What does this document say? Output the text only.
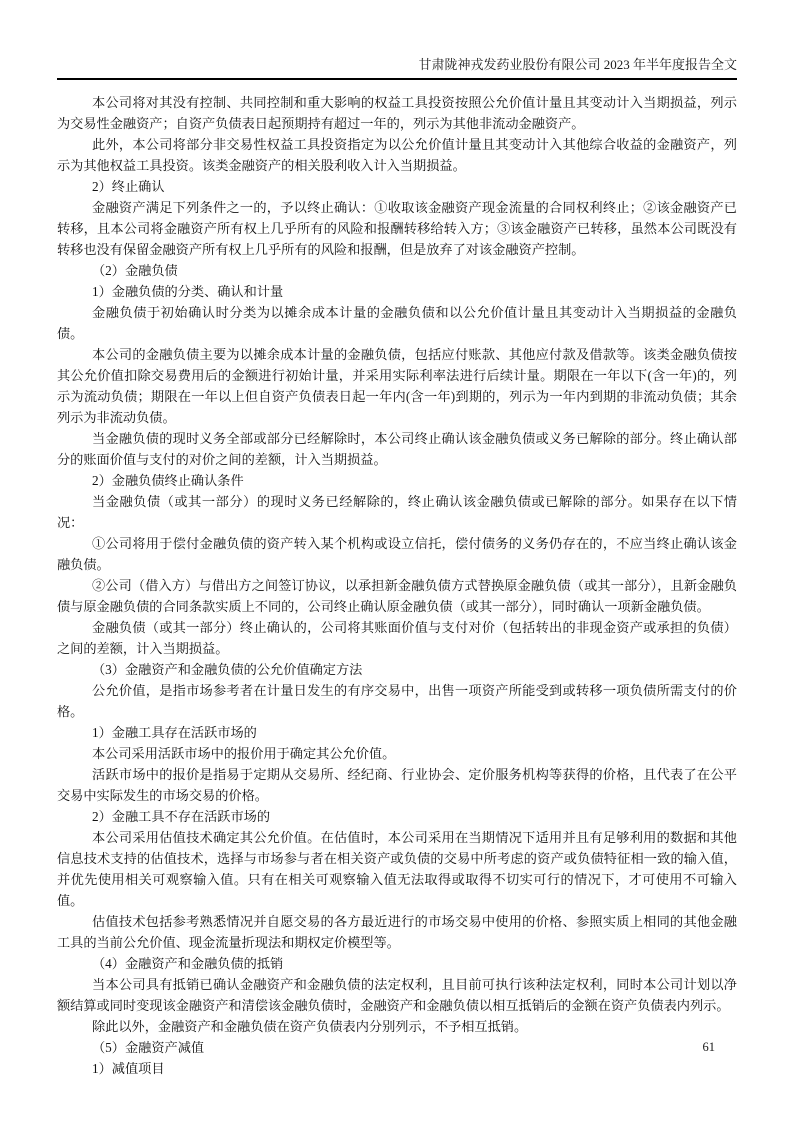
甘肃陇神戎发药业股份有限公司 2023 年半年度报告全文

本公司将对其没有控制、共同控制和重大影响的权益工具投资按照公允价值计量且其变动计入当期损益，列示为交易性金融资产；自资产负债表日起预期持有超过一年的，列示为其他非流动金融资产。

此外，本公司将部分非交易性权益工具投资指定为以公允价值计量且其变动计入其他综合收益的金融资产，列示为其他权益工具投资。该类金融资产的相关股利收入计入当期损益。

2）终止确认

金融资产满足下列条件之一的，予以终止确认：①收取该金融资产现金流量的合同权利终止；②该金融资产已转移，且本公司将金融资产所有权上几乎所有的风险和报酬转移给转入方；③该金融资产已转移，虽然本公司既没有转移也没有保留金融资产所有权上几乎所有的风险和报酬，但是放弃了对该金融资产控制。

（2）金融负债

1）金融负债的分类、确认和计量

金融负债于初始确认时分类为以摊余成本计量的金融负债和以公允价值计量且其变动计入当期损益的金融负债。

本公司的金融负债主要为以摊余成本计量的金融负债，包括应付账款、其他应付款及借款等。该类金融负债按其公允价值扣除交易费用后的金额进行初始计量，并采用实际利率法进行后续计量。期限在一年以下(含一年)的，列示为流动负债；期限在一年以上但自资产负债表日起一年内(含一年)到期的，列示为一年内到期的非流动负债；其余列示为非流动负债。

当金融负债的现时义务全部或部分已经解除时，本公司终止确认该金融负债或义务已解除的部分。终止确认部分的账面价值与支付的对价之间的差额，计入当期损益。

2）金融负债终止确认条件

当金融负债（或其一部分）的现时义务已经解除的，终止确认该金融负债或已解除的部分。如果存在以下情况：

①公司将用于偿付金融负债的资产转入某个机构或设立信托，偿付债务的义务仍存在的，不应当终止确认该金融负债。

②公司（借入方）与借出方之间签订协议，以承担新金融负债方式替换原金融负债（或其一部分），且新金融负债与原金融负债的合同条款实质上不同的，公司终止确认原金融负债（或其一部分），同时确认一项新金融负债。

金融负债（或其一部分）终止确认的，公司将其账面价值与支付对价（包括转出的非现金资产或承担的负债）之间的差额，计入当期损益。

（3）金融资产和金融负债的公允价值确定方法

公允价值，是指市场参考者在计量日发生的有序交易中，出售一项资产所能受到或转移一项负债所需支付的价格。

1）金融工具存在活跃市场的

本公司采用活跃市场中的报价用于确定其公允价值。

活跃市场中的报价是指易于定期从交易所、经纪商、行业协会、定价服务机构等获得的价格，且代表了在公平交易中实际发生的市场交易的价格。

2）金融工具不存在活跃市场的

本公司采用估值技术确定其公允价值。在估值时，本公司采用在当期情况下适用并且有足够利用的数据和其他信息技术支持的估值技术，选择与市场参与者在相关资产或负债的交易中所考虑的资产或负债特征相一致的输入值，并优先使用相关可观察输入值。只有在相关可观察输入值无法取得或取得不切实可行的情况下，才可使用不可输入值。

估值技术包括参考熟悉情况并自愿交易的各方最近进行的市场交易中使用的价格、参照实质上相同的其他金融工具的当前公允价值、现金流量折现法和期权定价模型等。

（4）金融资产和金融负债的抵销

当本公司具有抵销已确认金融资产和金融负债的法定权利，且目前可执行该种法定权利，同时本公司计划以净额结算或同时变现该金融资产和清偿该金融负债时，金融资产和金融负债以相互抵销后的金额在资产负债表内列示。

除此以外，金融资产和金融负债在资产负债表内分别列示，不予相互抵销。

（5）金融资产减值

1）减值项目

61
